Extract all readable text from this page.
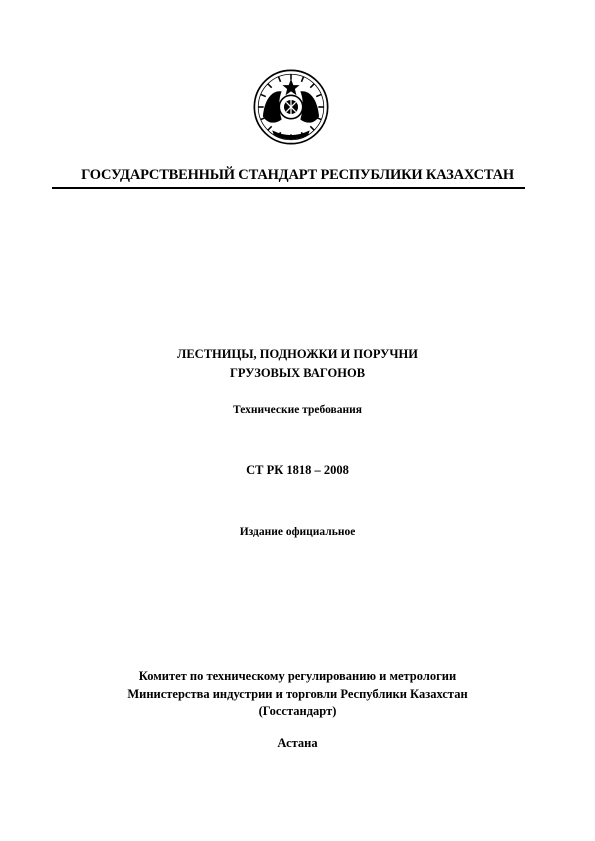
ГОСУДАРСТВЕННЫЙ СТАНДАРТ РЕСПУБЛИКИ КАЗАХСТАН
ЛЕСТНИЦЫ, ПОДНОЖКИ И ПОРУЧНИ
ГРУЗОВЫХ ВАГОНОВ
Технические требования
СТ РК 1818 – 2008
Издание официальное
Комитет по техническому регулированию и метрологии
Министерства индустрии и торговли Республики Казахстан
(Госстандарт)
Астана
